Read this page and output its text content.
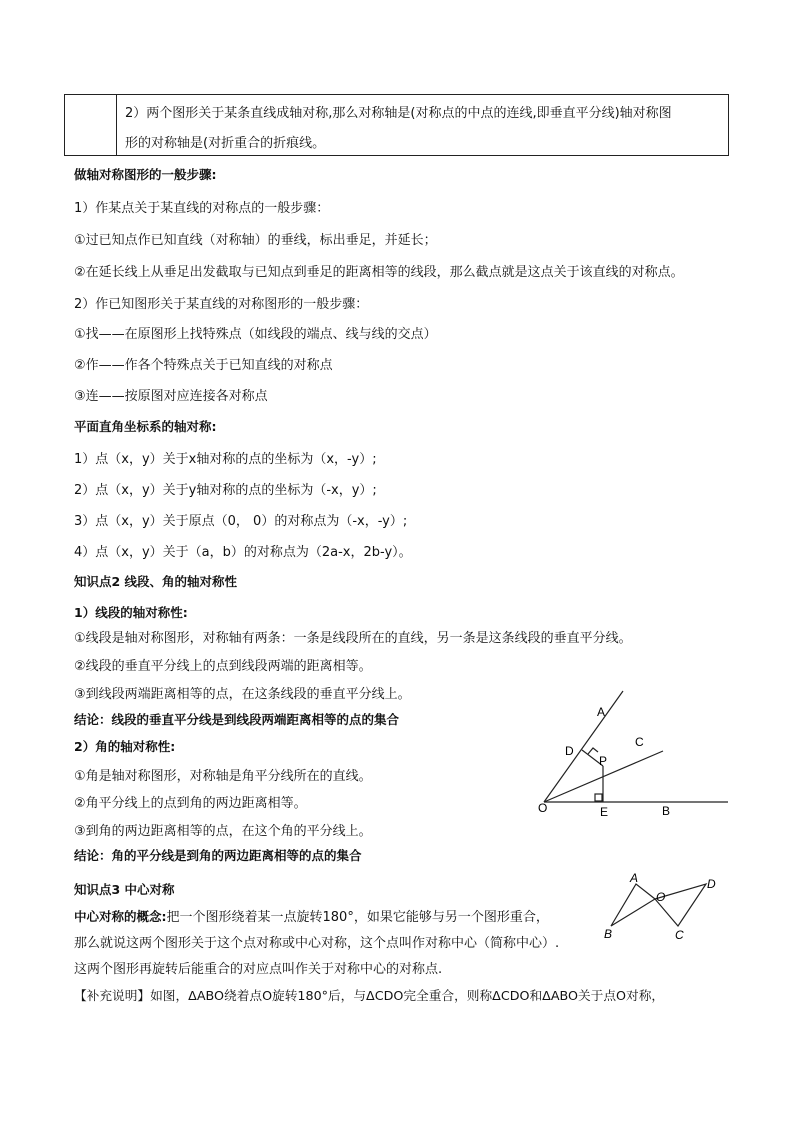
2）两个图形关于某条直线成轴对称,那么对称轴是(对称点的中点的连线,即垂直平分线)轴对称图
形的对称轴是(对折重合的折痕线。
做轴对称图形的一般步骤:
1）作某点关于某直线的对称点的一般步骤：
①过已知点作已知直线（对称轴）的垂线，标出垂足，并延长；
②在延长线上从垂足出发截取与已知点到垂足的距离相等的线段，那么截点就是这点关于该直线的对称点。
2）作已知图形关于某直线的对称图形的一般步骤：
①找——在原图形上找特殊点（如线段的端点、线与线的交点）
②作——作各个特殊点关于已知直线的对称点
③连——按原图对应连接各对称点
平面直角坐标系的轴对称:
1）点（x，y）关于x轴对称的点的坐标为（x，-y）;
2）点（x，y）关于y轴对称的点的坐标为（-x，y）;
3）点（x，y）关于原点（0， 0）的对称点为（-x，-y）;
4）点（x，y）关于（a，b）的对称点为（2a-x，2b-y）。
知识点2 线段、角的轴对称性
1）线段的轴对称性:
①线段是轴对称图形，对称轴有两条：一条是线段所在的直线，另一条是这条线段的垂直平分线。
②线段的垂直平分线上的点到线段两端的距离相等。
③到线段两端距离相等的点，在这条线段的垂直平分线上。
结论：线段的垂直平分线是到线段两端距离相等的点的集合
2）角的轴对称性:
①角是轴对称图形，对称轴是角平分线所在的直线。
②角平分线上的点到角的两边距离相等。
③到角的两边距离相等的点，在这个角的平分线上。
结论：角的平分线是到角的两边距离相等的点的集合
A
C
D
P
O	E	B
知识点3 中心对称
中心对称的概念:把一个图形绕着某一点旋转180°，如果它能够与另一个图形重合，
那么就说这两个图形关于这个点对称或中心对称，这个点叫作对称中心（简称中心）.
这两个图形再旋转后能重合的对应点叫作关于对称中心的对称点.
【补充说明】如图，ΔABO绕着点O旋转180°后，与ΔCDO完全重合，则称ΔCDO和ΔABO关于点O对称，
A
O
D
B	C
